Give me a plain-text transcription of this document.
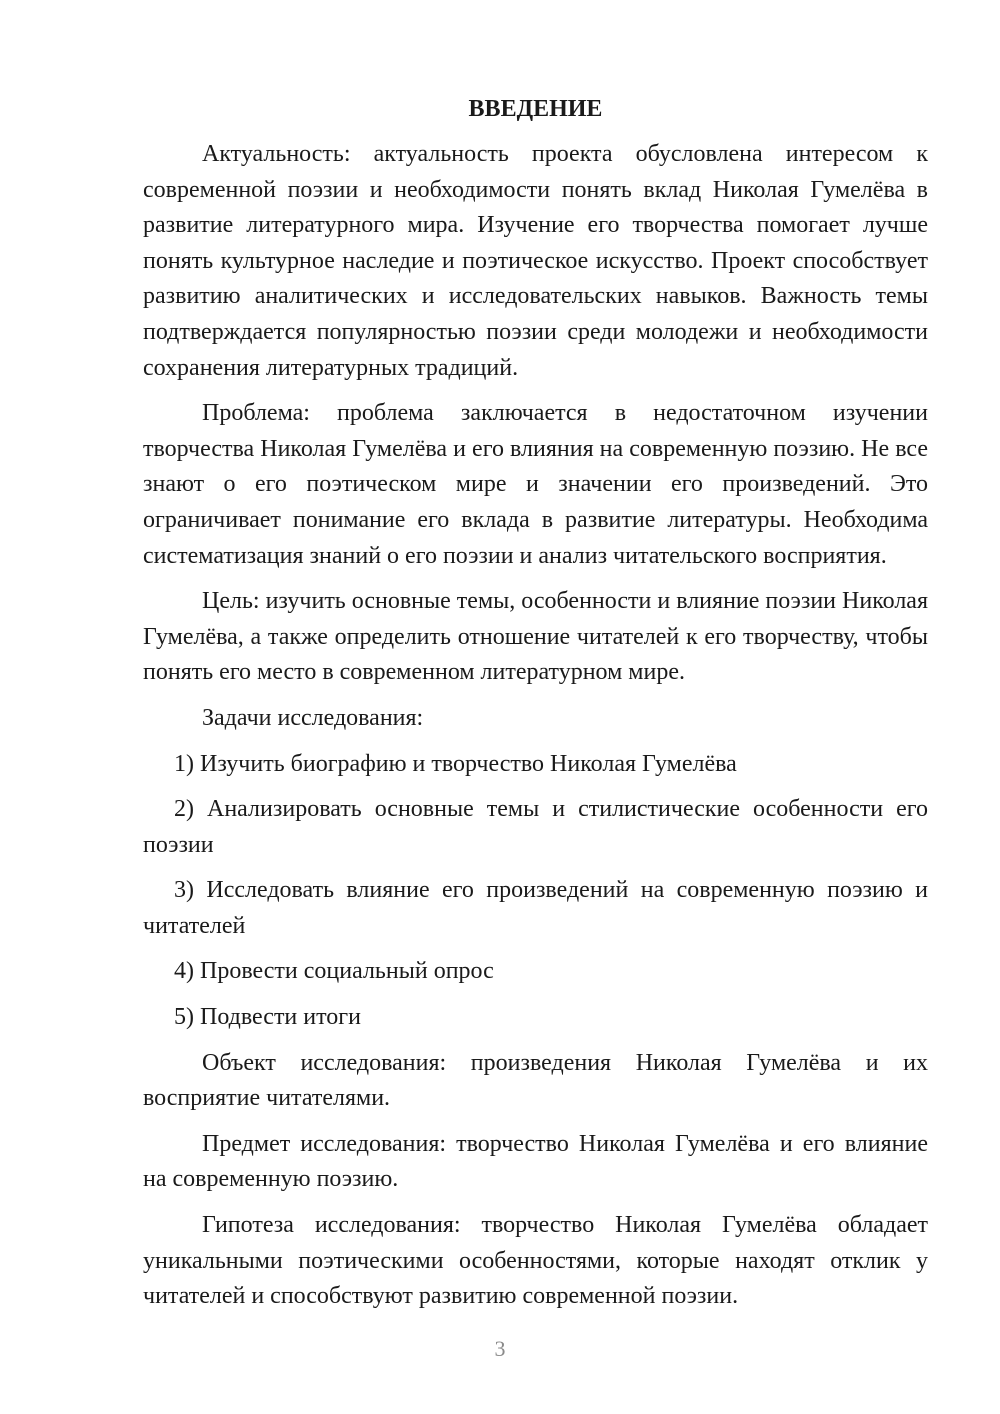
ВВЕДЕНИЕ

Актуальность: актуальность проекта обусловлена интересом к современной поэзии и необходимости понять вклад Николая Гумелёва в развитие литературного мира. Изучение его творчества помогает лучше понять культурное наследие и поэтическое искусство. Проект способствует развитию аналитических и исследовательских навыков. Важность темы подтверждается популярностью поэзии среди молодежи и необходимости сохранения литературных традиций.

Проблема: проблема заключается в недостаточном изучении творчества Николая Гумелёва и его влияния на современную поэзию. Не все знают о его поэтическом мире и значении его произведений. Это ограничивает понимание его вклада в развитие литературы. Необходима систематизация знаний о его поэзии и анализ читательского восприятия.

Цель: изучить основные темы, особенности и влияние поэзии Николая Гумелёва, а также определить отношение читателей к его творчеству, чтобы понять его место в современном литературном мире.

Задачи исследования:

1) Изучить биографию и творчество Николая Гумелёва

2) Анализировать основные темы и стилистические особенности его поэзии

3) Исследовать влияние его произведений на современную поэзию и читателей

4) Провести социальный опрос

5) Подвести итоги

Объект исследования: произведения Николая Гумелёва и их восприятие читателями.

Предмет исследования: творчество Николая Гумелёва и его влияние на современную поэзию.

Гипотеза исследования: творчество Николая Гумелёва обладает уникальными поэтическими особенностями, которые находят отклик у читателей и способствуют развитию современной поэзии.

3
